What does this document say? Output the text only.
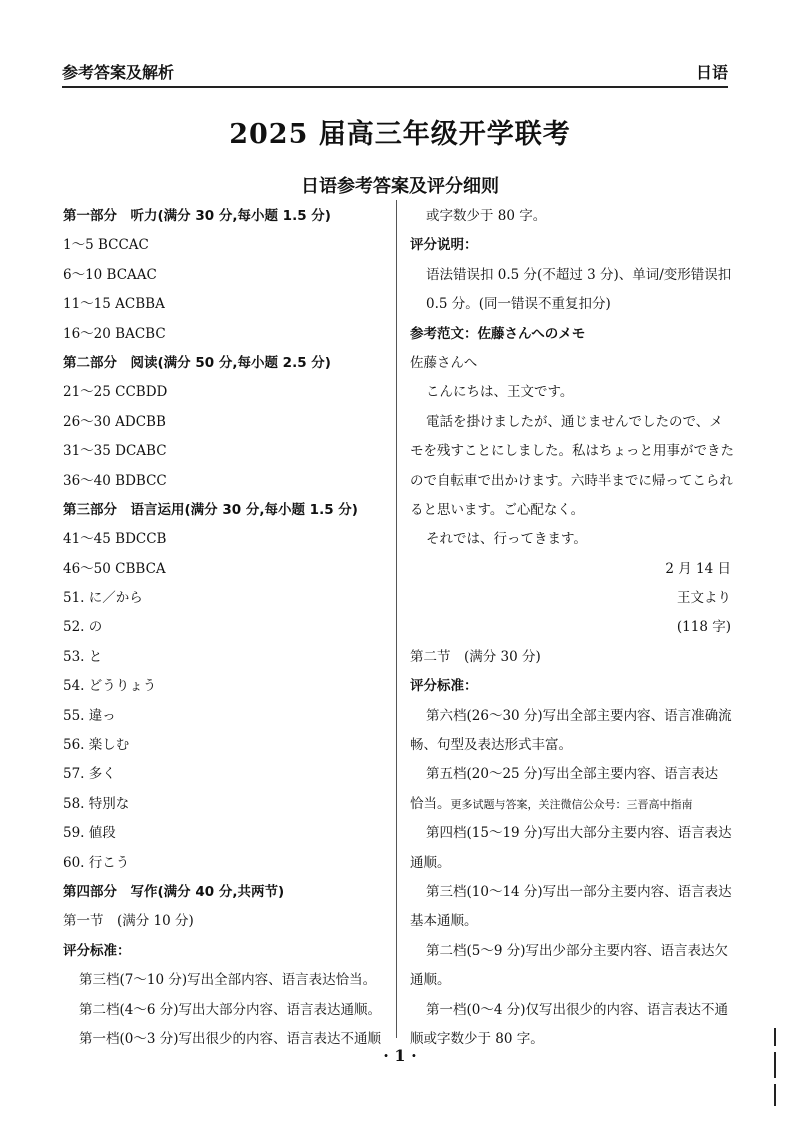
参考答案及解析	日语
2025 届高三年级开学联考
日语参考答案及评分细则
第一部分　听力(满分 30 分,每小题 1.5 分)
1～5 BCCAC
6～10 BCAAC
11～15 ACBBA
16～20 BACBC
第二部分　阅读(满分 50 分,每小题 2.5 分)
21～25 CCBDD
26～30 ADCBB
31～35 DCABC
36～40 BDBCC
第三部分　语言运用(满分 30 分,每小题 1.5 分)
41～45 BDCCB
46～50 CBBCA
51. に／から
52. の
53. と
54. どうりょう
55. 違っ
56. 楽しむ
57. 多く
58. 特別な
59. 値段
60. 行こう
第四部分　写作(满分 40 分,共两节)
第一节　(满分 10 分)
评分标准：
第三档(7～10 分)写出全部内容、语言表达恰当。
第二档(4～6 分)写出大部分内容、语言表达通顺。
第一档(0～3 分)写出很少的内容、语言表达不通顺
或字数少于 80 字。
评分说明：
语法错误扣 0.5 分(不超过 3 分)、单词/变形错误扣
0.5 分。(同一错误不重复扣分)
参考范文：佐藤さんへのメモ
佐藤さんへ
こんにちは、王文です。
電話を掛けましたが、通じませんでしたので、メ
モを残すことにしました。私はちょっと用事ができた
ので自転車で出かけます。六時半までに帰ってこられ
ると思います。ご心配なく。
それでは、行ってきます。
2 月 14 日
王文より
(118 字)
第二节　(满分 30 分)
评分标准：
第六档(26～30 分)写出全部主要内容、语言准确流
畅、句型及表达形式丰富。
第五档(20～25 分)写出全部主要内容、语言表达
恰当。更多试题与答案，关注微信公众号：三晋高中指南
第四档(15～19 分)写出大部分主要内容、语言表达
通顺。
第三档(10～14 分)写出一部分主要内容、语言表达
基本通顺。
第二档(5～9 分)写出少部分主要内容、语言表达欠
通顺。
第一档(0～4 分)仅写出很少的内容、语言表达不通
顺或字数少于 80 字。
· 1 ·
